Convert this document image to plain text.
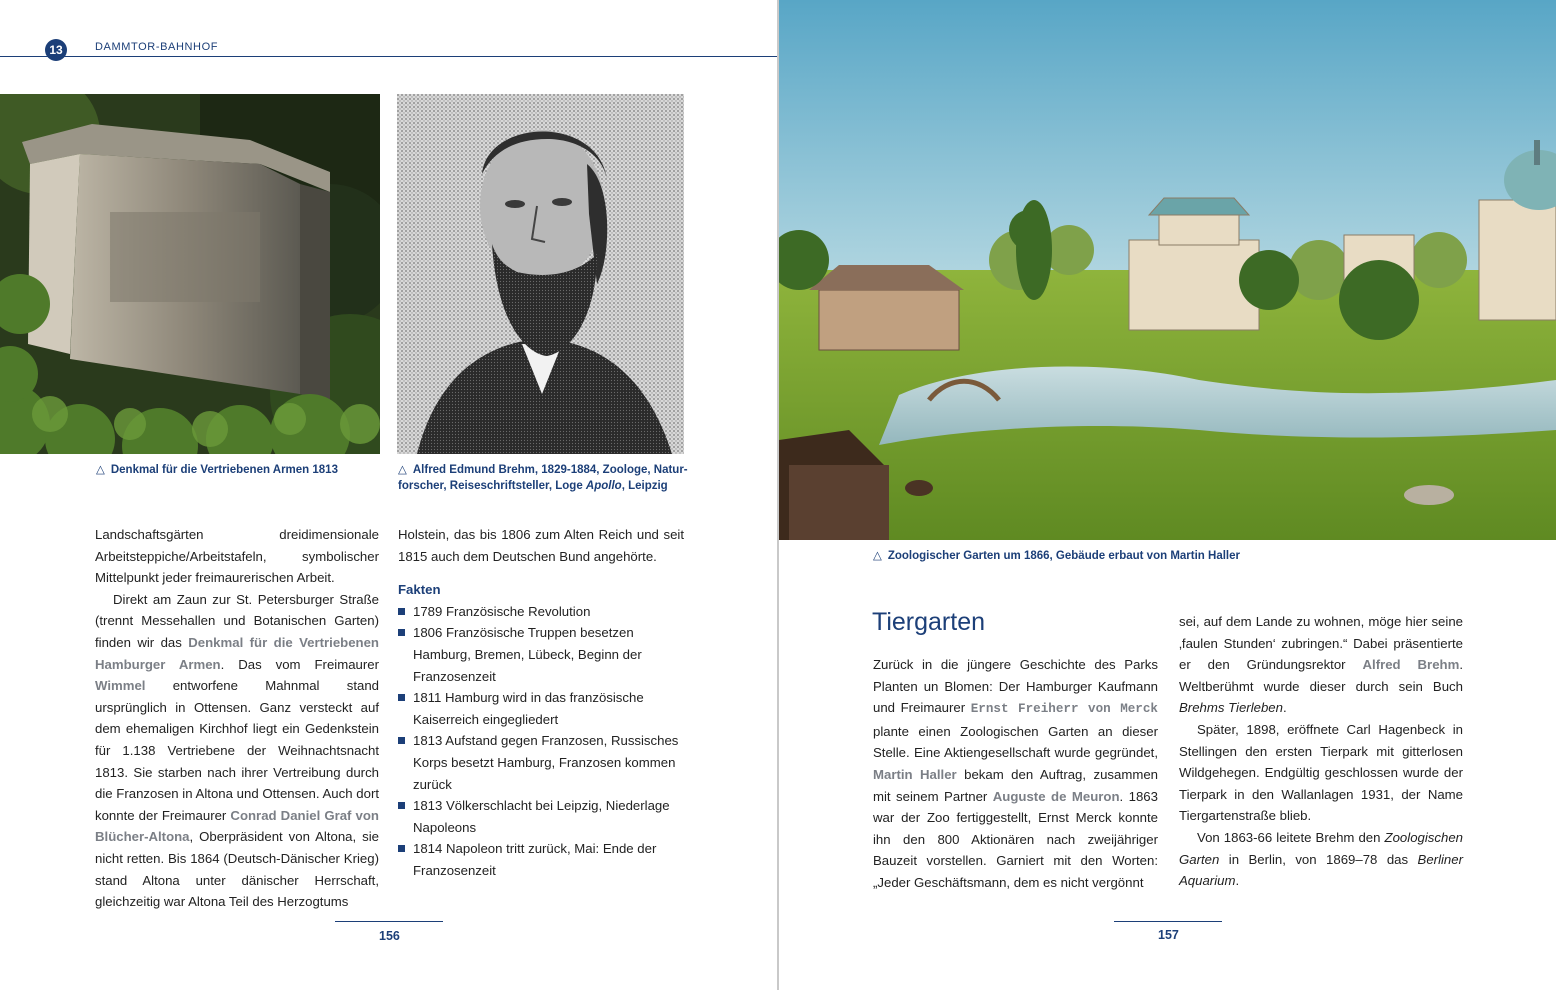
13	DAMMTOR-BAHNHOF
△ Denkmal für die Vertriebenen Armen 1813	△ Alfred Edmund Brehm, 1829-1884, Zoologe, Natur-
forscher, Reiseschriftsteller, Loge Apollo, Leipzig

Landschaftsgärten dreidimensionale Arbeitsteppiche/Arbeitstafeln, symbolischer Mittelpunkt jeder freimaurerischen Arbeit.

Direkt am Zaun zur St. Petersburger Straße (trennt Messehallen und Botanischen Garten) finden wir das Denkmal für die Vertriebenen Hamburger Armen. Das vom Freimaurer Wimmel entworfene Mahnmal stand ursprünglich in Ottensen. Ganz versteckt auf dem ehemaligen Kirchhof liegt ein Gedenkstein für 1.138 Vertriebene der Weihnachtsnacht 1813. Sie starben nach ihrer Vertreibung durch die Franzosen in Altona und Ottensen. Auch dort konnte der Freimaurer Conrad Daniel Graf von Blücher-Altona, Oberpräsident von Altona, sie nicht retten. Bis 1864 (Deutsch-Dänischer Krieg) stand Altona unter dänischer Herrschaft, gleichzeitig war Altona Teil des Herzogtums

Holstein, das bis 1806 zum Alten Reich und seit 1815 auch dem Deutschen Bund angehörte.

Fakten

1789 Französische Revolution
1806 Französische Truppen besetzen Hamburg, Bremen, Lübeck, Beginn der Franzosenzeit
1811 Hamburg wird in das französische Kaiserreich eingegliedert
1813 Aufstand gegen Franzosen, Russisches Korps besetzt Hamburg, Franzosen kommen zurück
1813 Völkerschlacht bei Leipzig, Niederlage Napoleons
1814 Napoleon tritt zurück, Mai: Ende der Franzosenzeit
156
△ Zoologischer Garten um 1866, Gebäude erbaut von Martin Haller
Tiergarten

Zurück in die jüngere Geschichte des Parks Planten un Blomen: Der Hamburger Kaufmann und Freimaurer Ernst Freiherr von Merck plante einen Zoologischen Garten an dieser Stelle. Eine Aktiengesellschaft wurde gegründet, Martin Haller bekam den Auftrag, zusammen mit seinem Partner Auguste de Meuron. 1863 war der Zoo fertiggestellt, Ernst Merck konnte ihn den 800 Aktionären nach zweijähriger Bauzeit vorstellen. Garniert mit den Worten: „Jeder Geschäftsmann, dem es nicht vergönnt

sei, auf dem Lande zu wohnen, möge hier seine ‚faulen Stunden‘ zubringen.“ Dabei präsentierte er den Gründungsrektor Alfred Brehm. Weltberühmt wurde dieser durch sein Buch Brehms Tierleben.

Später, 1898, eröffnete Carl Hagenbeck in Stellingen den ersten Tierpark mit gitterlosen Wildgehegen. Endgültig geschlossen wurde der Tierpark in den Wallanlagen 1931, der Name Tiergartenstraße blieb.

Von 1863-66 leitete Brehm den Zoologischen Garten in Berlin, von 1869–78 das Berliner Aquarium.

157
